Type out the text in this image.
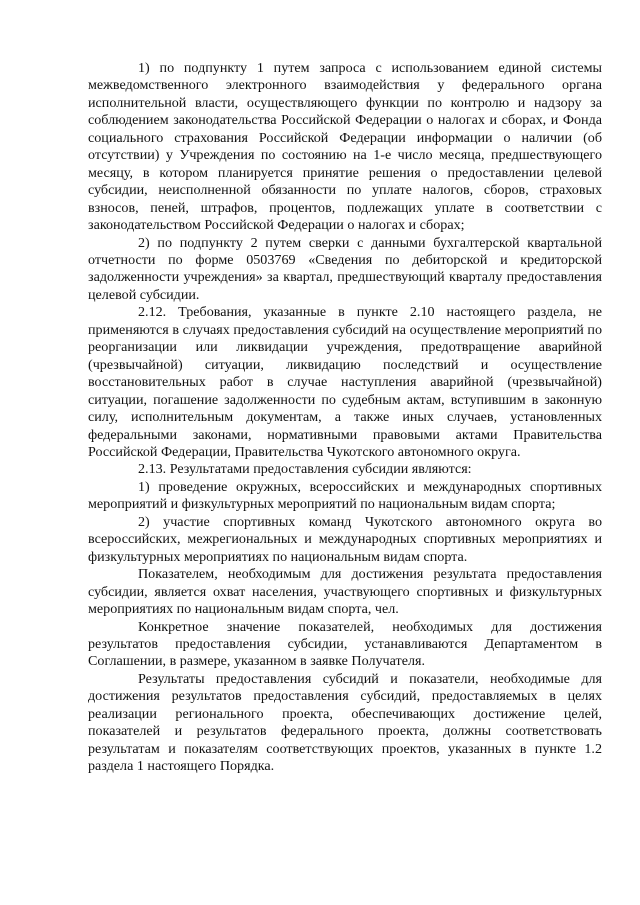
1) по подпункту 1 путем запроса с использованием единой системы межведомственного электронного взаимодействия у федерального органа исполнительной власти, осуществляющего функции по контролю и надзору за соблюдением законодательства Российской Федерации о налогах и сборах, и Фонда социального страхования Российской Федерации информации о наличии (об отсутствии) у Учреждения по состоянию на 1-е число месяца, предшествующего месяцу, в котором планируется принятие решения о предоставлении целевой субсидии, неисполненной обязанности по уплате налогов, сборов, страховых взносов, пеней, штрафов, процентов, подлежащих уплате в соответствии с законодательством Российской Федерации о налогах и сборах;

2) по подпункту 2 путем сверки с данными бухгалтерской квартальной отчетности по форме 0503769 «Сведения по дебиторской и кредиторской задолженности учреждения» за квартал, предшествующий кварталу предоставления целевой субсидии.

2.12. Требования, указанные в пункте 2.10 настоящего раздела, не применяются в случаях предоставления субсидий на осуществление мероприятий по реорганизации или ликвидации учреждения, предотвращение аварийной (чрезвычайной) ситуации, ликвидацию последствий и осуществление восстановительных работ в случае наступления аварийной (чрезвычайной) ситуации, погашение задолженности по судебным актам, вступившим в законную силу, исполнительным документам, а также иных случаев, установленных федеральными законами, нормативными правовыми актами Правительства Российской Федерации, Правительства Чукотского автономного округа.

2.13. Результатами предоставления субсидии являются:

1) проведение окружных, всероссийских и международных спортивных мероприятий и физкультурных мероприятий по национальным видам спорта;

2) участие спортивных команд Чукотского автономного округа во всероссийских, межрегиональных и международных спортивных мероприятиях и физкультурных мероприятиях по национальным видам спорта.

Показателем, необходимым для достижения результата предоставления субсидии, является охват населения, участвующего спортивных и физкультурных мероприятиях по национальным видам спорта, чел.

Конкретное значение показателей, необходимых для достижения результатов предоставления субсидии, устанавливаются Департаментом в Соглашении, в размере, указанном в заявке Получателя.

Результаты предоставления субсидий и показатели, необходимые для достижения результатов предоставления субсидий, предоставляемых в целях реализации регионального проекта, обеспечивающих достижение целей, показателей и результатов федерального проекта, должны соответствовать результатам и показателям соответствующих проектов, указанных в пункте 1.2 раздела 1 настоящего Порядка.
